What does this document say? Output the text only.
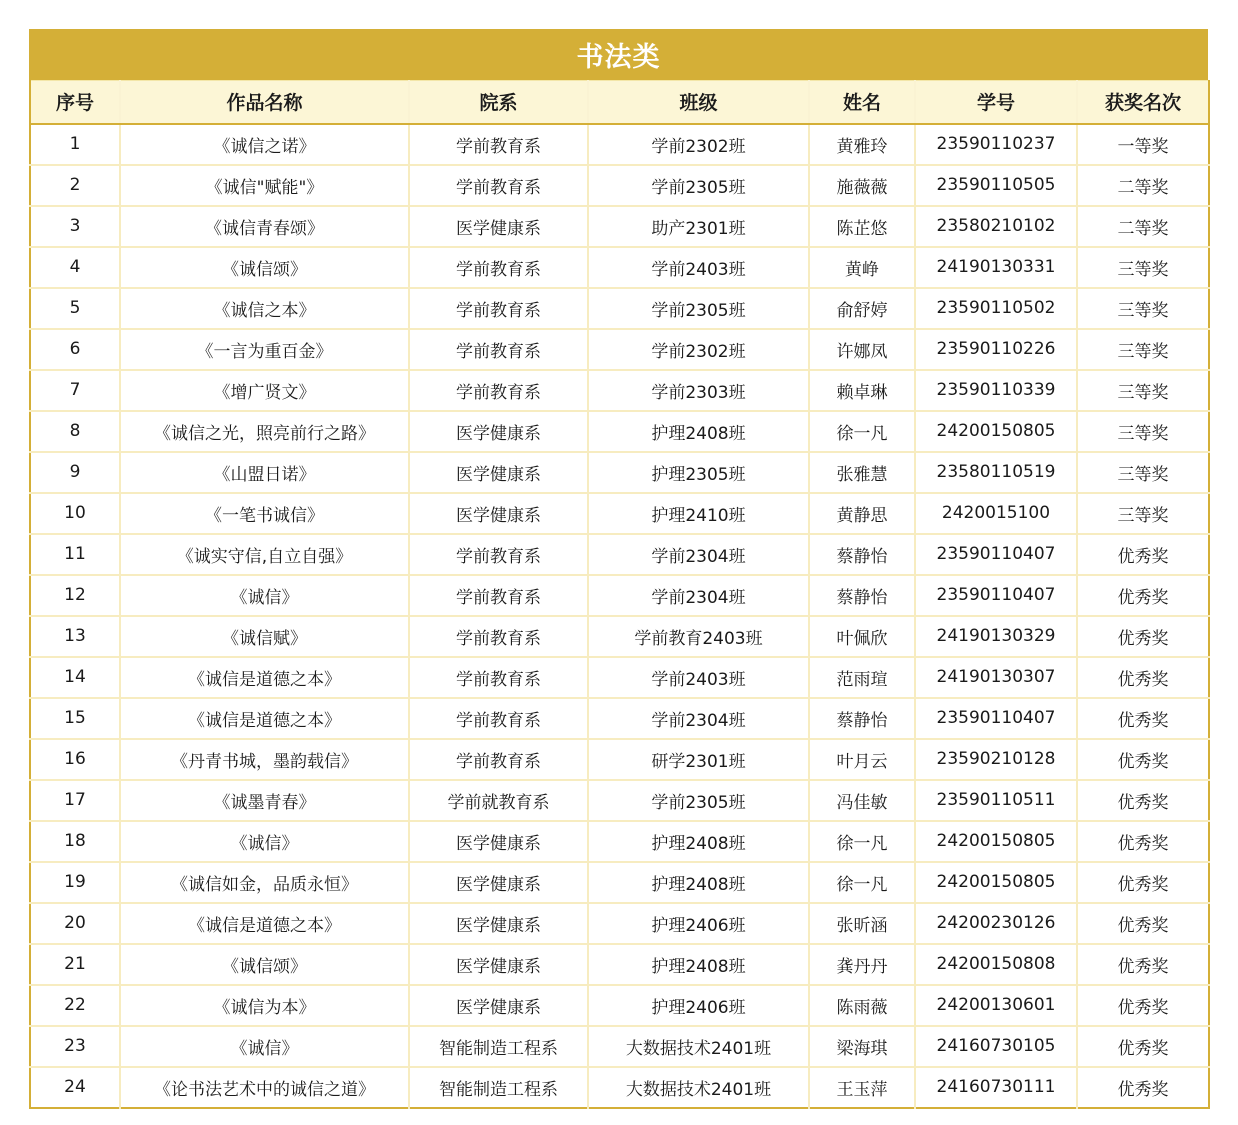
书法类
序号	作品名称	院系	班级	姓名	学号	获奖名次
1	《诚信之诺》	学前教育系	学前2302班	黄雅玲	23590110237	一等奖
2	《诚信"赋能"》	学前教育系	学前2305班	施薇薇	23590110505	二等奖
3	《诚信青春颂》	医学健康系	助产2301班	陈芷悠	23580210102	二等奖
4	《诚信颂》	学前教育系	学前2403班	黄峥	24190130331	三等奖
5	《诚信之本》	学前教育系	学前2305班	俞舒婷	23590110502	三等奖
6	《一言为重百金》	学前教育系	学前2302班	许娜凤	23590110226	三等奖
7	《增广贤文》	学前教育系	学前2303班	赖卓琳	23590110339	三等奖
8	《诚信之光，照亮前行之路》	医学健康系	护理2408班	徐一凡	24200150805	三等奖
9	《山盟日诺》	医学健康系	护理2305班	张雅慧	23580110519	三等奖
10	《一笔书诚信》	医学健康系	护理2410班	黄静思	2420015100	三等奖
11	《诚实守信,自立自强》	学前教育系	学前2304班	蔡静怡	23590110407	优秀奖
12	《诚信》	学前教育系	学前2304班	蔡静怡	23590110407	优秀奖
13	《诚信赋》	学前教育系	学前教育2403班	叶佩欣	24190130329	优秀奖
14	《诚信是道德之本》	学前教育系	学前2403班	范雨瑄	24190130307	优秀奖
15	《诚信是道德之本》	学前教育系	学前2304班	蔡静怡	23590110407	优秀奖
16	《丹青书城，墨韵载信》	学前教育系	研学2301班	叶月云	23590210128	优秀奖
17	《诚墨青春》	学前就教育系	学前2305班	冯佳敏	23590110511	优秀奖
18	《诚信》	医学健康系	护理2408班	徐一凡	24200150805	优秀奖
19	《诚信如金，品质永恒》	医学健康系	护理2408班	徐一凡	24200150805	优秀奖
20	《诚信是道德之本》	医学健康系	护理2406班	张昕涵	24200230126	优秀奖
21	《诚信颂》	医学健康系	护理2408班	龚丹丹	24200150808	优秀奖
22	《诚信为本》	医学健康系	护理2406班	陈雨薇	24200130601	优秀奖
23	《诚信》	智能制造工程系	大数据技术2401班	梁海琪	24160730105	优秀奖
24	《论书法艺术中的诚信之道》	智能制造工程系	大数据技术2401班	王玉萍	24160730111	优秀奖
